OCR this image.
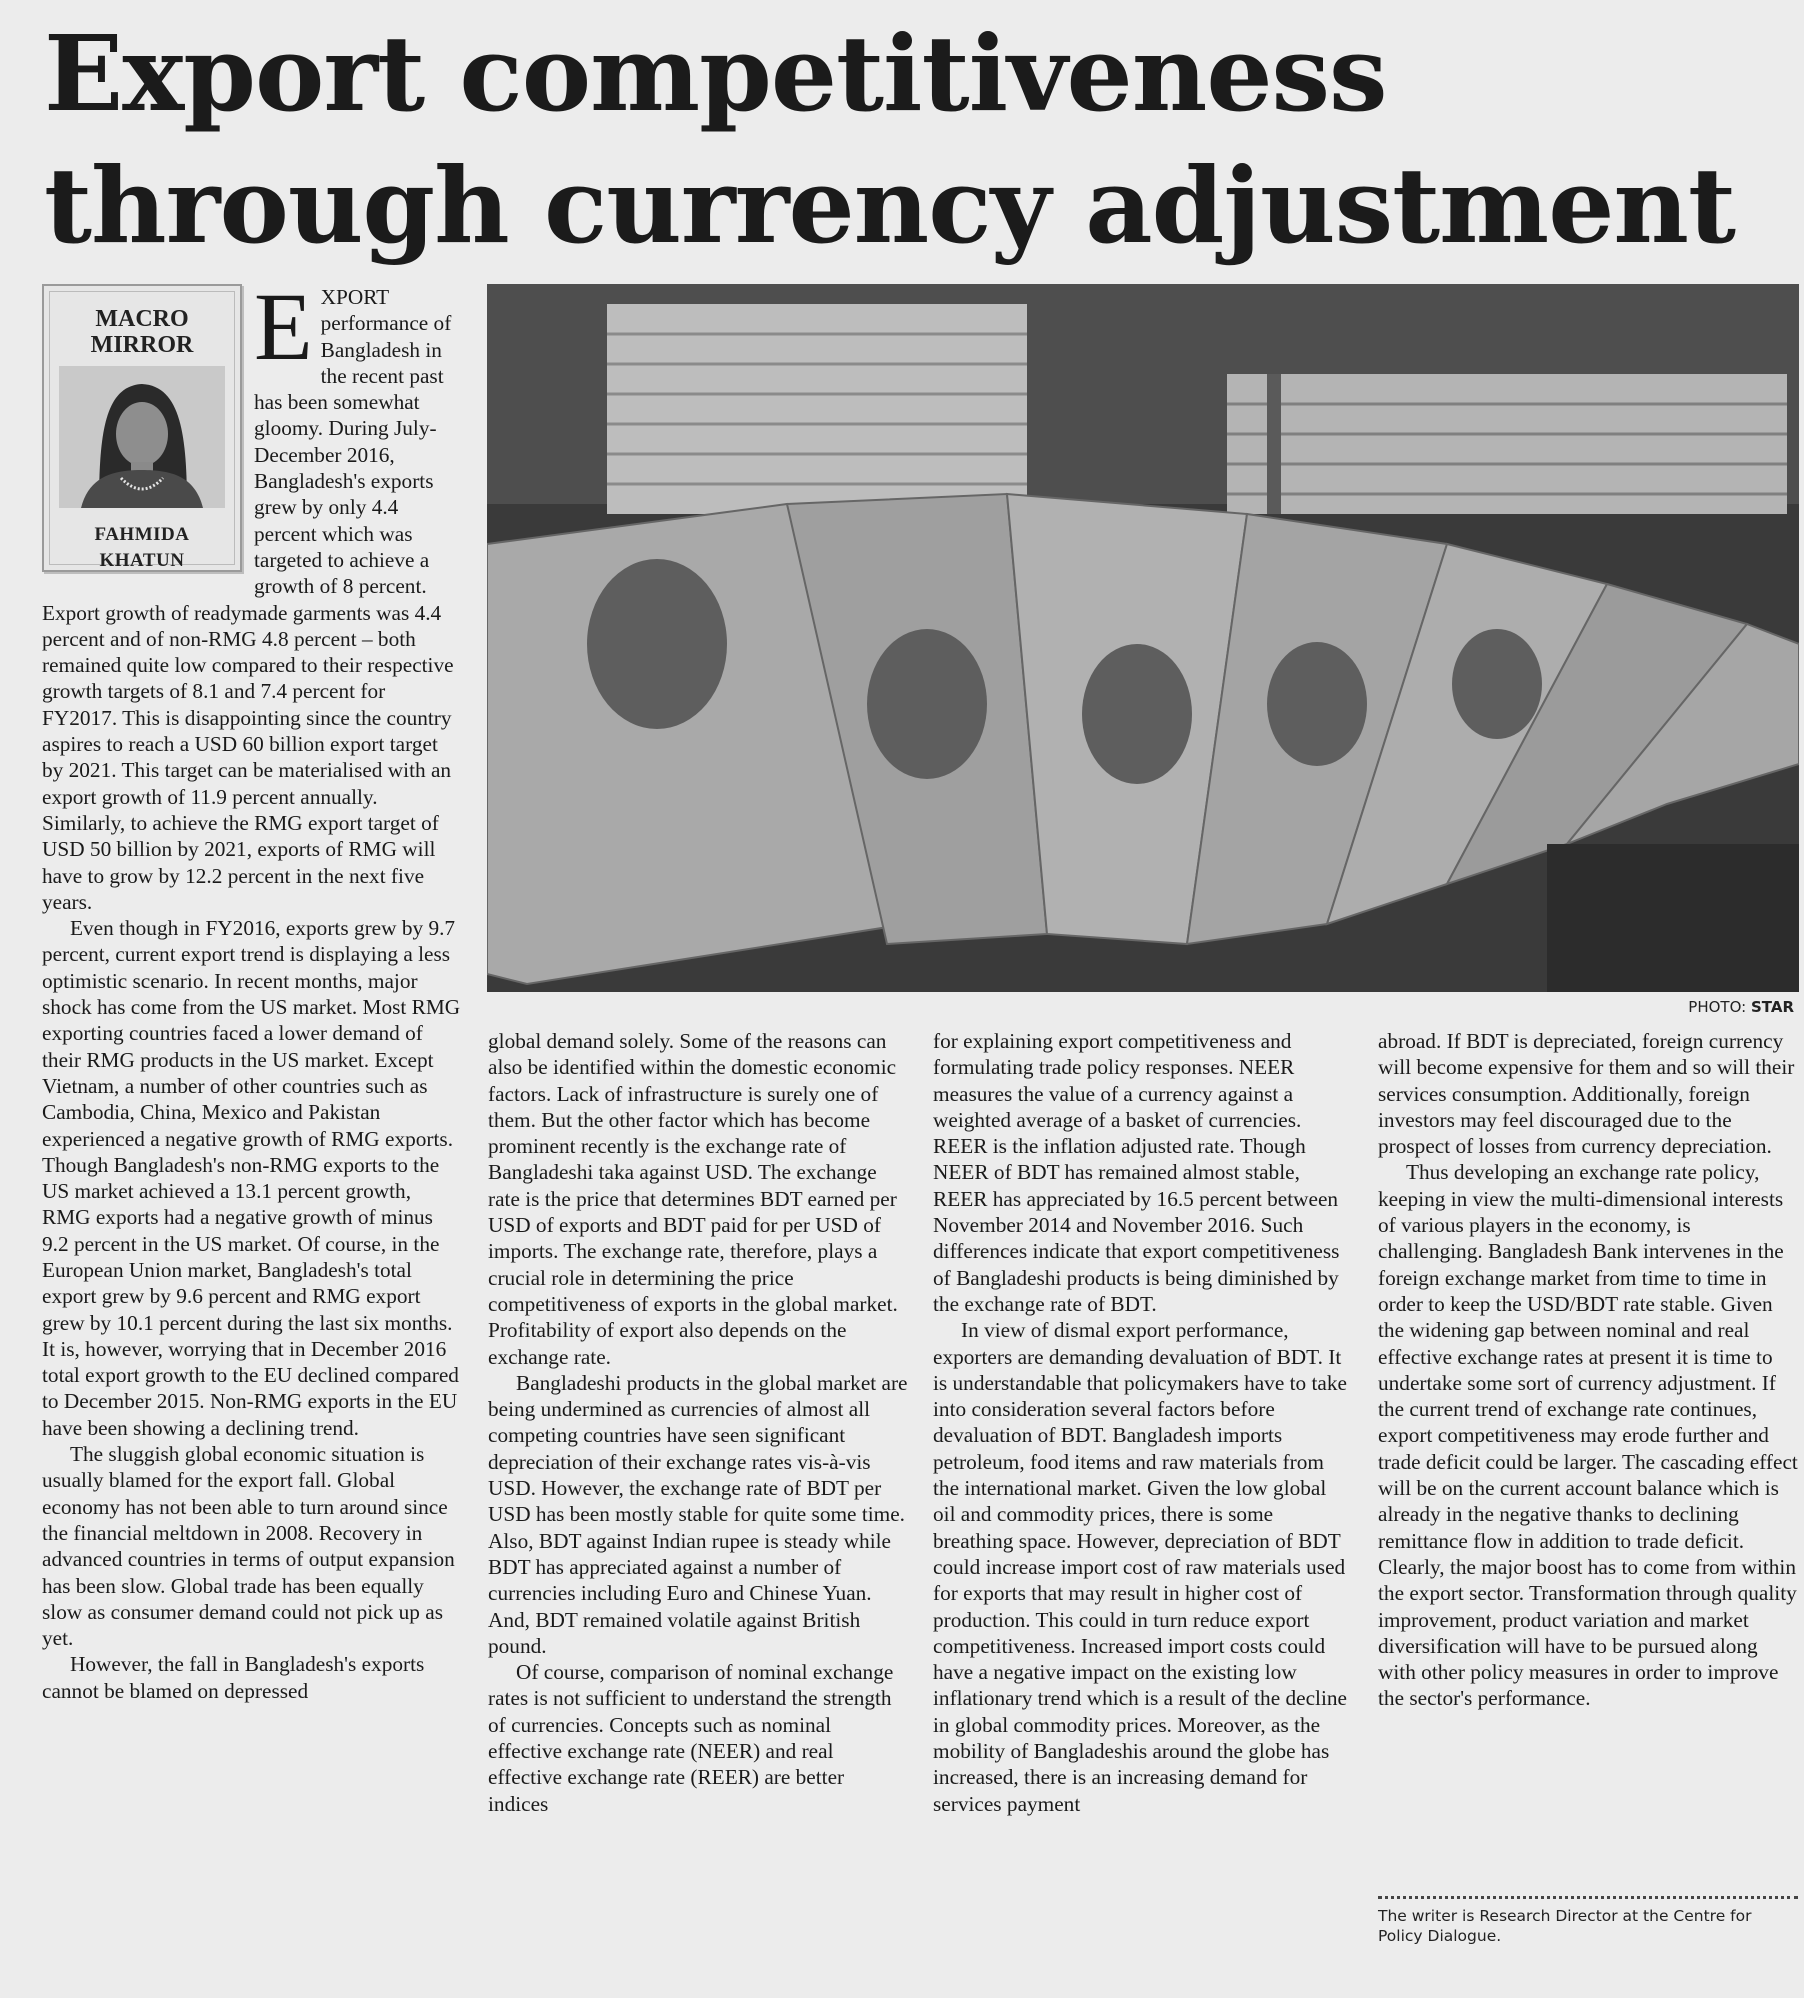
Export competitiveness through currency adjustment
MACRO
MIRROR
FAHMIDA KHATUN
E XPORT performance of Bangladesh in the recent past has been somewhat gloomy. During July-December 2016, Bangladesh's exports grew by only 4.4 percent which was targeted to achieve a growth of 8 percent. Export growth of readymade garments was 4.4 percent and of non-RMG 4.8 percent – both remained quite low compared to their respective growth targets of 8.1 and 7.4 percent for FY2017. This is disappointing since the country aspires to reach a USD 60 billion export target by 2021. This target can be materialised with an export growth of 11.9 percent annually. Similarly, to achieve the RMG export target of USD 50 billion by 2021, exports of RMG will have to grow by 12.2 percent in the next five years.

Even though in FY2016, exports grew by 9.7 percent, current export trend is displaying a less optimistic scenario. In recent months, major shock has come from the US market. Most RMG exporting countries faced a lower demand of their RMG products in the US market. Except Vietnam, a number of other countries such as Cambodia, China, Mexico and Pakistan experienced a negative growth of RMG exports. Though Bangladesh's non-RMG exports to the US market achieved a 13.1 percent growth, RMG exports had a negative growth of minus 9.2 percent in the US market. Of course, in the European Union market, Bangladesh's total export grew by 9.6 percent and RMG export grew by 10.1 percent during the last six months. It is, however, worrying that in December 2016 total export growth to the EU declined compared to December 2015. Non-RMG exports in the EU have been showing a declining trend.

The sluggish global economic situation is usually blamed for the export fall. Global economy has not been able to turn around since the financial meltdown in 2008. Recovery in advanced countries in terms of output expansion has been slow. Global trade has been equally slow as consumer demand could not pick up as yet.

However, the fall in Bangladesh's exports cannot be blamed on depressed

PHOTO: STAR

global demand solely. Some of the reasons can also be identified within the domestic economic factors. Lack of infrastructure is surely one of them. But the other factor which has become prominent recently is the exchange rate of Bangladeshi taka against USD. The exchange rate is the price that determines BDT earned per USD of exports and BDT paid for per USD of imports. The exchange rate, therefore, plays a crucial role in determining the price competitiveness of exports in the global market. Profitability of export also depends on the exchange rate.

Bangladeshi products in the global market are being undermined as currencies of almost all competing countries have seen significant depreciation of their exchange rates vis-à-vis USD. However, the exchange rate of BDT per USD has been mostly stable for quite some time. Also, BDT against Indian rupee is steady while BDT has appreciated against a number of currencies including Euro and Chinese Yuan. And, BDT remained volatile against British pound.

Of course, comparison of nominal exchange rates is not sufficient to understand the strength of currencies. Concepts such as nominal effective exchange rate (NEER) and real effective exchange rate (REER) are better indices

for explaining export competitiveness and formulating trade policy responses. NEER measures the value of a currency against a weighted average of a basket of currencies. REER is the inflation adjusted rate. Though NEER of BDT has remained almost stable, REER has appreciated by 16.5 percent between November 2014 and November 2016. Such differences indicate that export competitiveness of Bangladeshi products is being diminished by the exchange rate of BDT.

In view of dismal export performance, exporters are demanding devaluation of BDT. It is understandable that policymakers have to take into consideration several factors before devaluation of BDT. Bangladesh imports petroleum, food items and raw materials from the international market. Given the low global oil and commodity prices, there is some breathing space. However, depreciation of BDT could increase import cost of raw materials used for exports that may result in higher cost of production. This could in turn reduce export competitiveness. Increased import costs could have a negative impact on the existing low inflationary trend which is a result of the decline in global commodity prices. Moreover, as the mobility of Bangladeshis around the globe has increased, there is an increasing demand for services payment

abroad. If BDT is depreciated, foreign currency will become expensive for them and so will their services consumption. Additionally, foreign investors may feel discouraged due to the prospect of losses from currency depreciation.

Thus developing an exchange rate policy, keeping in view the multi-dimensional interests of various players in the economy, is challenging. Bangladesh Bank intervenes in the foreign exchange market from time to time in order to keep the USD/BDT rate stable. Given the widening gap between nominal and real effective exchange rates at present it is time to undertake some sort of currency adjustment. If the current trend of exchange rate continues, export competitiveness may erode further and trade deficit could be larger. The cascading effect will be on the current account balance which is already in the negative thanks to declining remittance flow in addition to trade deficit. Clearly, the major boost has to come from within the export sector. Transformation through quality improvement, product variation and market diversification will have to be pursued along with other policy measures in order to improve the sector's performance.

The writer is Research Director at the Centre for Policy Dialogue.
